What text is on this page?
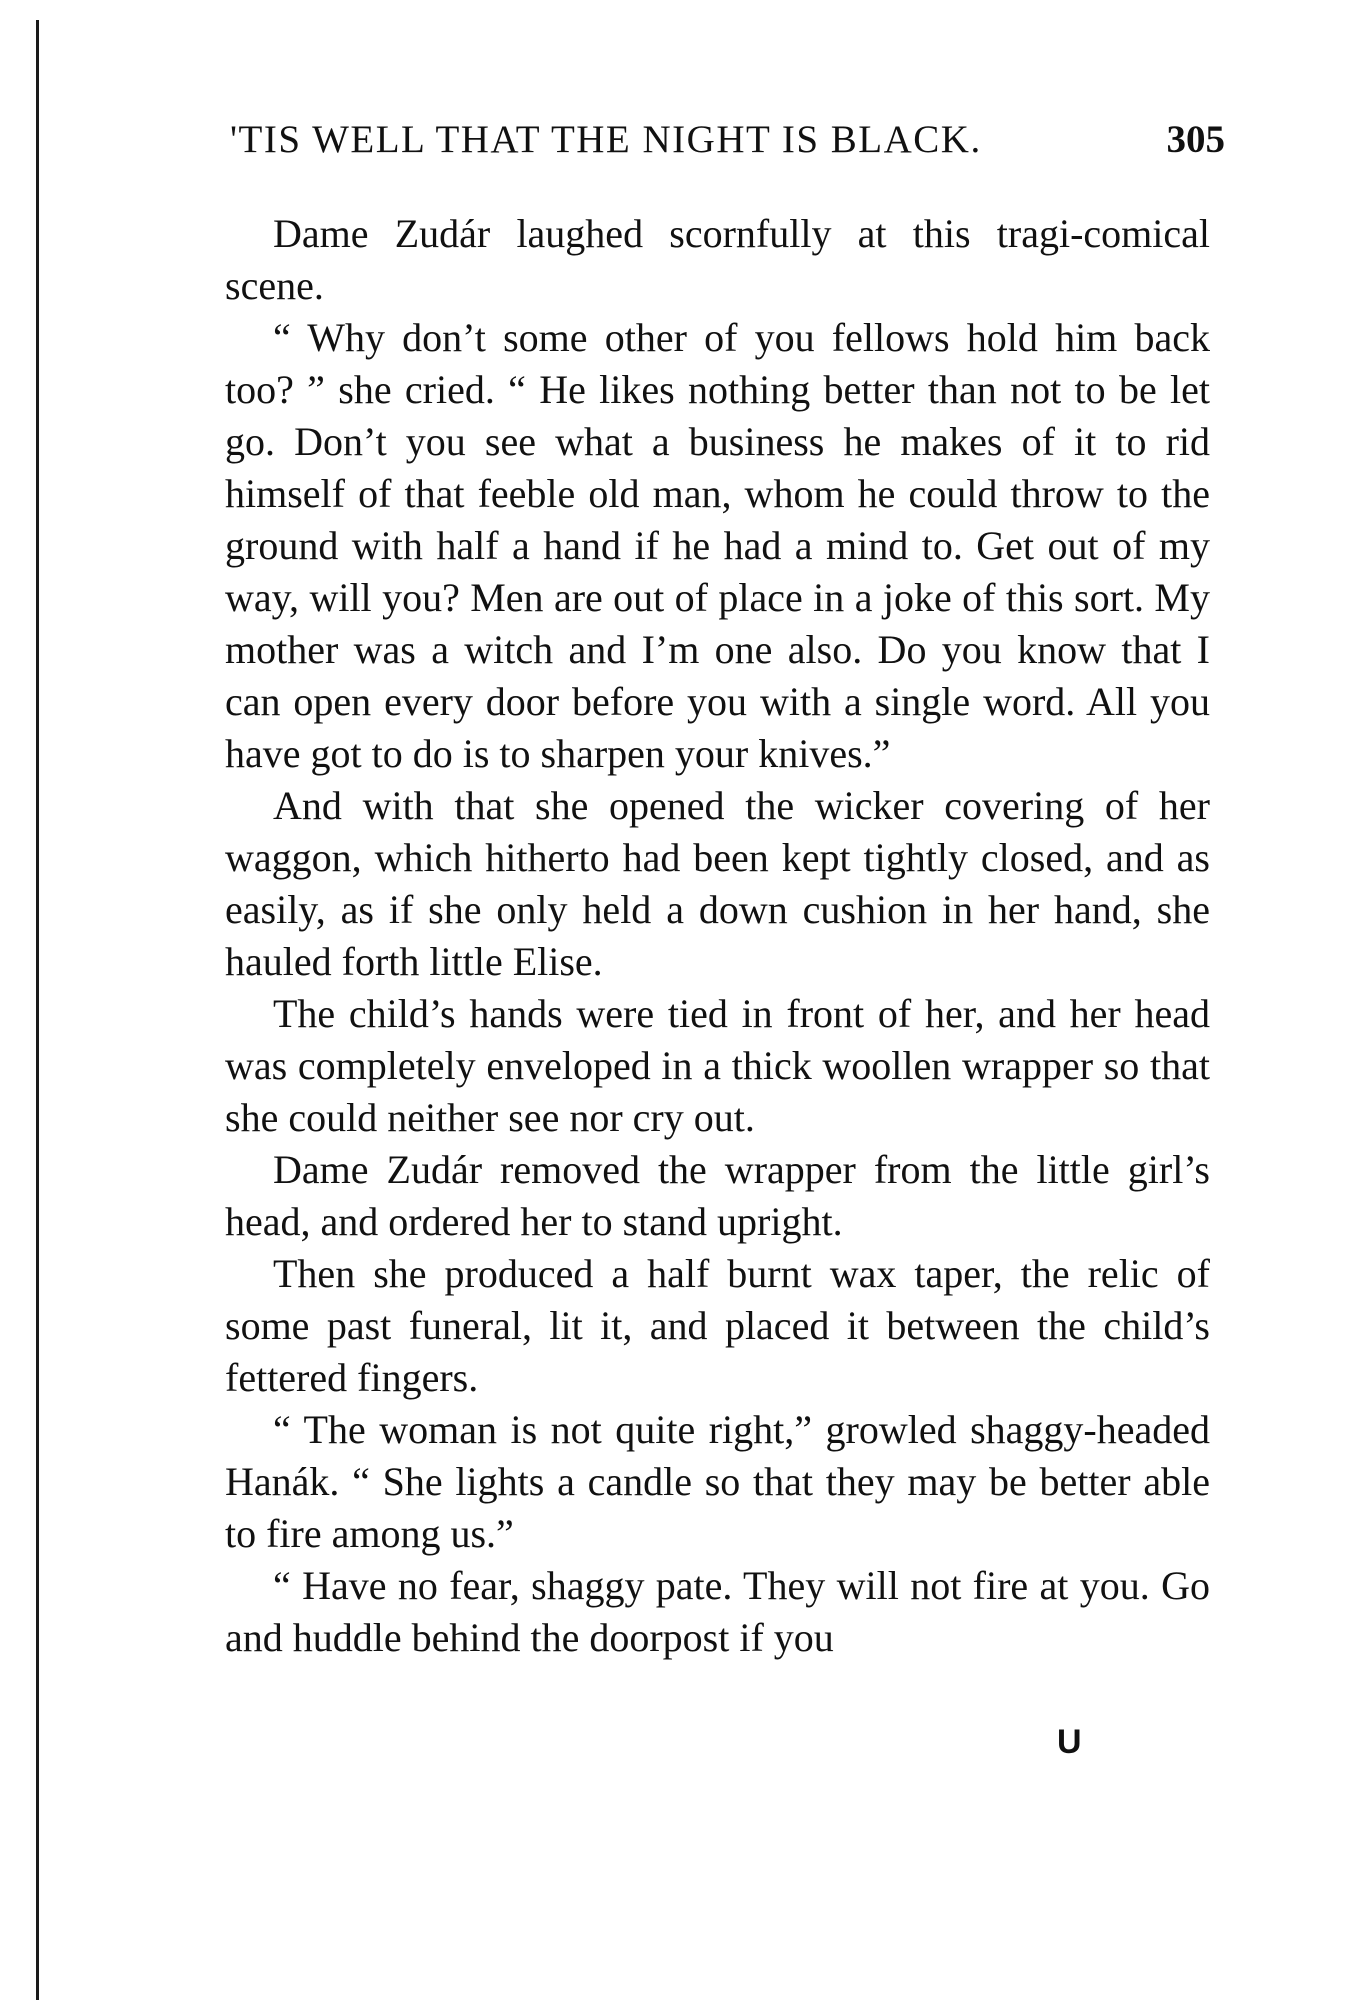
'TIS WELL THAT THE NIGHT IS BLACK.	305

Dame Zudár laughed scornfully at this tragi-comical scene.

“ Why don’t some other of you fellows hold him back too? ” she cried. “ He likes nothing better than not to be let go. Don’t you see what a business he makes of it to rid himself of that feeble old man, whom he could throw to the ground with half a hand if he had a mind to. Get out of my way, will you? Men are out of place in a joke of this sort. My mother was a witch and I’m one also. Do you know that I can open every door before you with a single word. All you have got to do is to sharpen your knives.”

And with that she opened the wicker covering of her waggon, which hitherto had been kept tightly closed, and as easily, as if she only held a down cushion in her hand, she hauled forth little Elise.

The child’s hands were tied in front of her, and her head was completely enveloped in a thick woollen wrapper so that she could neither see nor cry out.

Dame Zudár removed the wrapper from the little girl’s head, and ordered her to stand upright.

Then she produced a half burnt wax taper, the relic of some past funeral, lit it, and placed it between the child’s fettered fingers.

“ The woman is not quite right,” growled shaggy-headed Hanák. “ She lights a candle so that they may be better able to fire among us.”

“ Have no fear, shaggy pate. They will not fire at you. Go and huddle behind the doorpost if you

U
